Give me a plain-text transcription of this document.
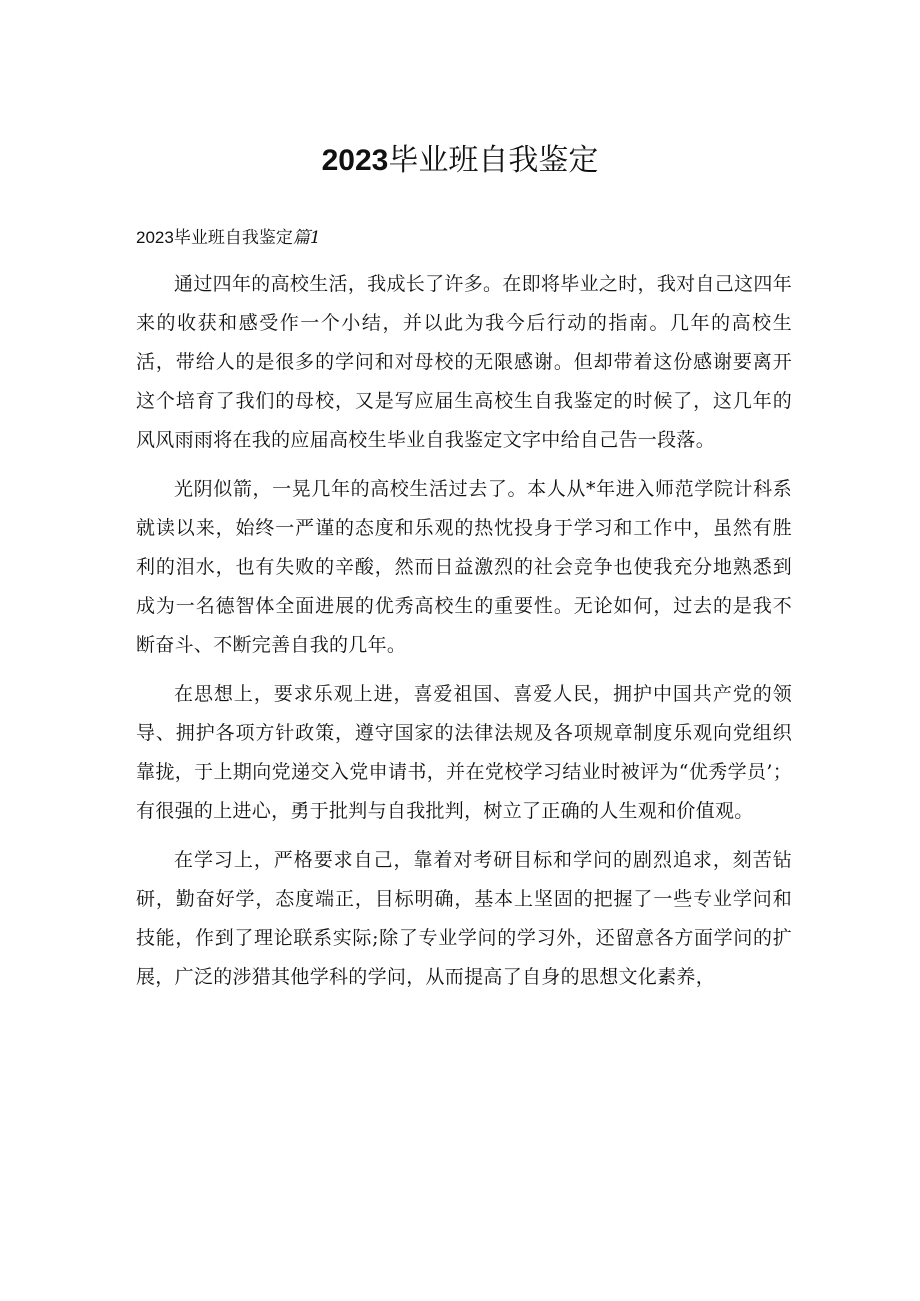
2023毕业班自我鉴定

2023毕业班自我鉴定篇1

通过四年的高校生活，我成长了许多。在即将毕业之时，我对自己这四年来的收获和感受作一个小结，并以此为我今后行动的指南。几年的高校生活，带给人的是很多的学问和对母校的无限感谢。但却带着这份感谢要离开这个培育了我们的母校，又是写应届生高校生自我鉴定的时候了，这几年的风风雨雨将在我的应届高校生毕业自我鉴定文字中给自己告一段落。

光阴似箭，一晃几年的高校生活过去了。本人从*年进入师范学院计科系就读以来，始终一严谨的态度和乐观的热忱投身于学习和工作中，虽然有胜利的泪水，也有失败的辛酸，然而日益激烈的社会竞争也使我充分地熟悉到成为一名德智体全面进展的优秀高校生的重要性。无论如何，过去的是我不断奋斗、不断完善自我的几年。

在思想上，要求乐观上进，喜爱祖国、喜爱人民，拥护中国共产党的领导、拥护各项方针政策，遵守国家的法律法规及各项规章制度乐观向党组织靠拢，于上期向党递交入党申请书，并在党校学习结业时被评为“优秀学员’；有很强的上进心，勇于批判与自我批判，树立了正确的人生观和价值观。

在学习上，严格要求自己，靠着对考研目标和学问的剧烈追求，刻苦钻研，勤奋好学，态度端正，目标明确，基本上坚固的把握了一些专业学问和技能，作到了理论联系实际;除了专业学问的学习外，还留意各方面学问的扩展，广泛的涉猎其他学科的学问，从而提高了自身的思想文化素养，
